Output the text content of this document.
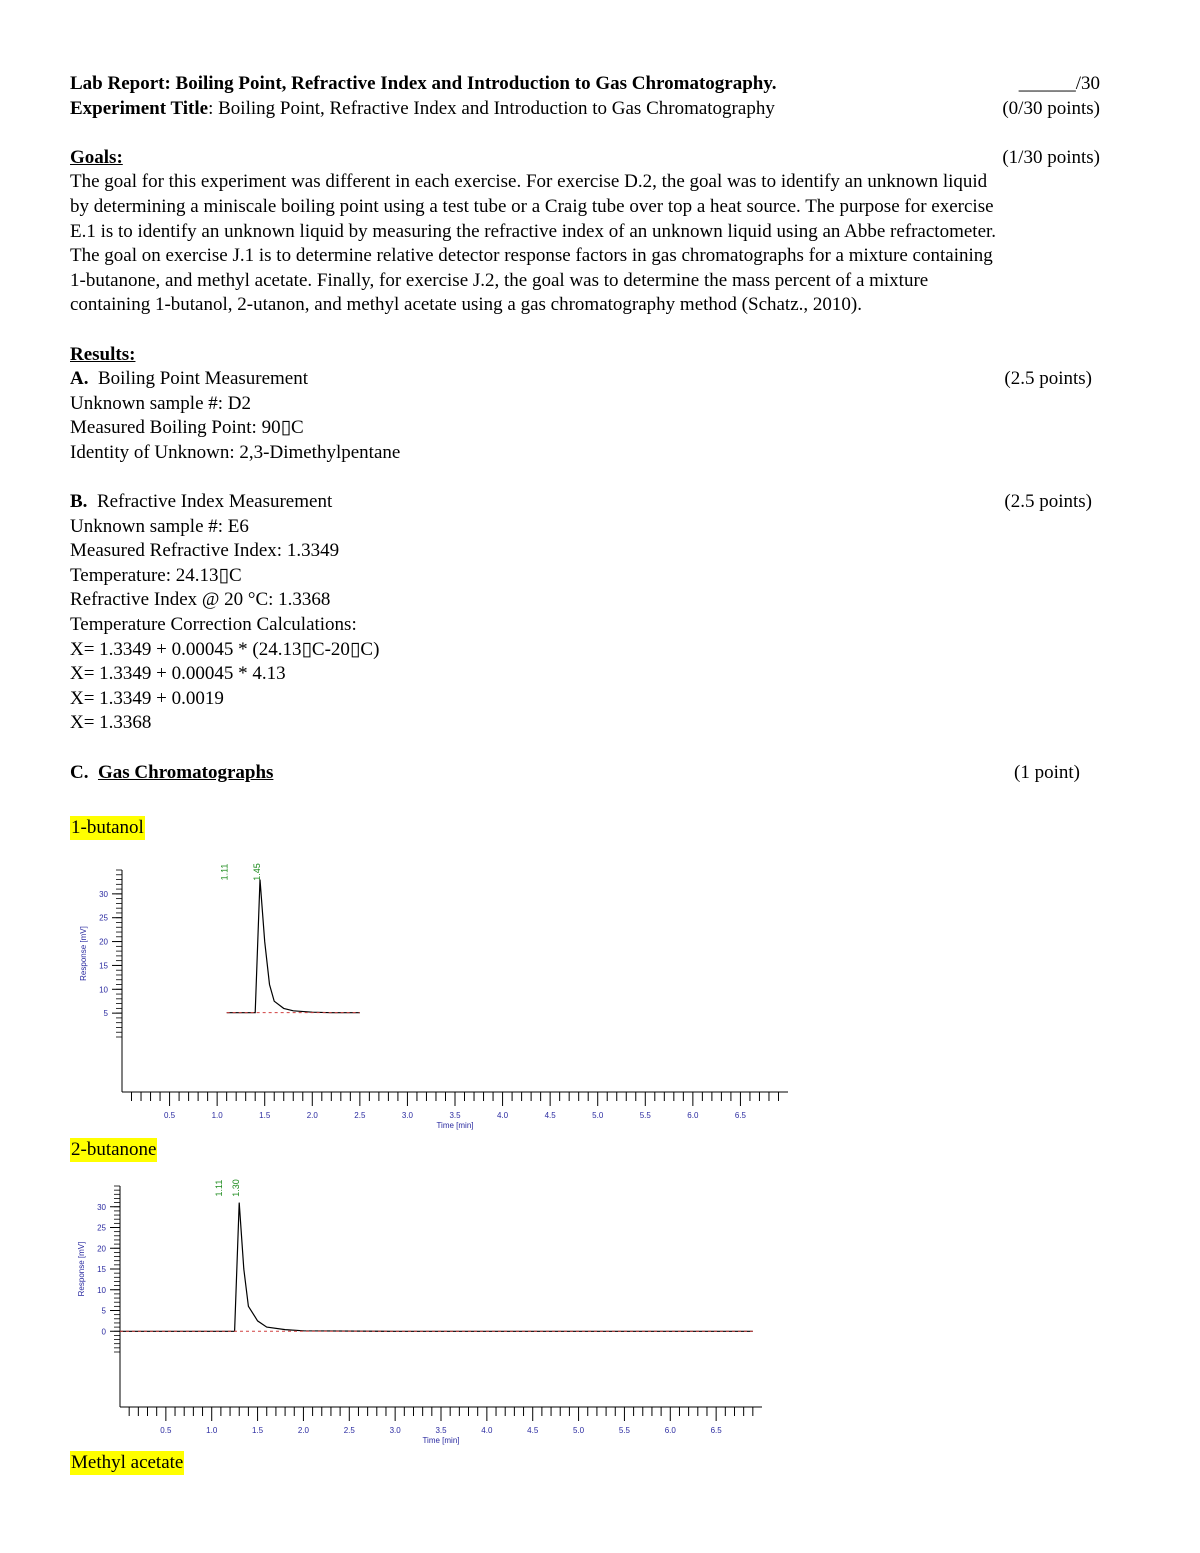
Lab Report: Boiling Point, Refractive Index and Introduction to Gas Chromatography.	______/30
Experiment Title: Boiling Point, Refractive Index and Introduction to Gas Chromatography	(0/30 points)
Goals:	(1/30 points)
The goal for this experiment was different in each exercise. For exercise D.2, the goal was to identify an unknown liquid
by determining a miniscale boiling point using a test tube or a Craig tube over top a heat source. The purpose for exercise
E.1 is to identify an unknown liquid by measuring the refractive index of an unknown liquid using an Abbe refractometer.
The goal on exercise J.1 is to determine relative detector response factors in gas chromatographs for a mixture containing
1-butanone, and methyl acetate. Finally, for exercise J.2, the goal was to determine the mass percent of a mixture
containing 1-butanol, 2-utanon, and methyl acetate using a gas chromatography method (Schatz., 2010).
Results:
A. Boiling Point Measurement	(2.5 points)
Unknown sample #: D2
Measured Boiling Point: 90▯C
Identity of Unknown: 2,3-Dimethylpentane
B. Refractive Index Measurement	(2.5 points)
Unknown sample #: E6
Measured Refractive Index: 1.3349
Temperature: 24.13▯C
Refractive Index @ 20 °C: 1.3368
Temperature Correction Calculations:
X= 1.3349 + 0.00045 * (24.13▯C-20▯C)
X= 1.3349 + 0.00045 * 4.13
X= 1.3349 + 0.0019
X= 1.3368
C. Gas Chromatographs	(1 point)
1-butanol
2-butanone
Methyl acetate
0.5	1.0	1.5	2.0	2.5	3.0	3.5	4.0	4.5	5.0	5.5	6.0	6.5
Time [min]
5
10
15
20
25
30
Response [mV]
1.11 1.45
0.5	1.0	1.5	2.0	2.5	3.0	3.5	4.0	4.5	5.0	5.5	6.0	6.5
Time [min]
0
5
10
15
20
25
30
Response [mV]
1.11 1.30
